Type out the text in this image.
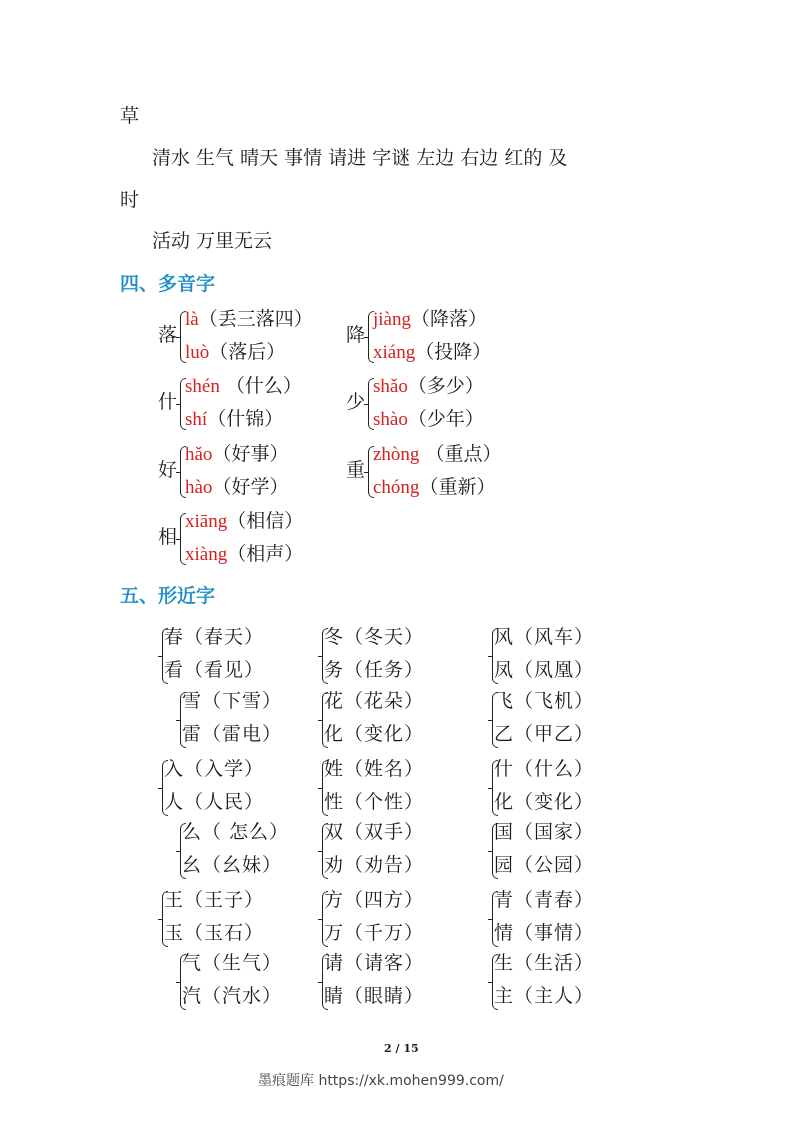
草
清水 生气 晴天 事情 请进 字谜 左边 右边 红的 及
时
活动 万里无云
四、多音字
落
là（丢三落四）
luò（落后）
降
jiàng（降落）
xiáng（投降）
什
shén （什么）
shí（什锦）
少
shǎo（多少）
shào（少年）
好
hǎo（好事）
hào（好学）
重
zhòng （重点）
chóng（重新）
相
xiāng（相信）
xiàng（相声）
五、形近字
春（春天）
看（看见）
冬（冬天）
务（任务）
风（风车）
凤（凤凰）
雪（下雪）
雷（雷电）
花（花朵）
化（变化）
飞（飞机）
乙（甲乙）
入（入学）
人（人民）
姓（姓名）
性（个性）
什（什么）
化（变化）
么（ 怎么）
幺（幺妹）
双（双手）
劝（劝告）
国（国家）
园（公园）
王（王子）
玉（玉石）
方（四方）
万（千万）
青（青春）
情（事情）
气（生气）
汽（汽水）
请（请客）
睛（眼睛）
生（生活）
主（主人）
2 / 15
墨痕题库 https://xk.mohen999.com/
